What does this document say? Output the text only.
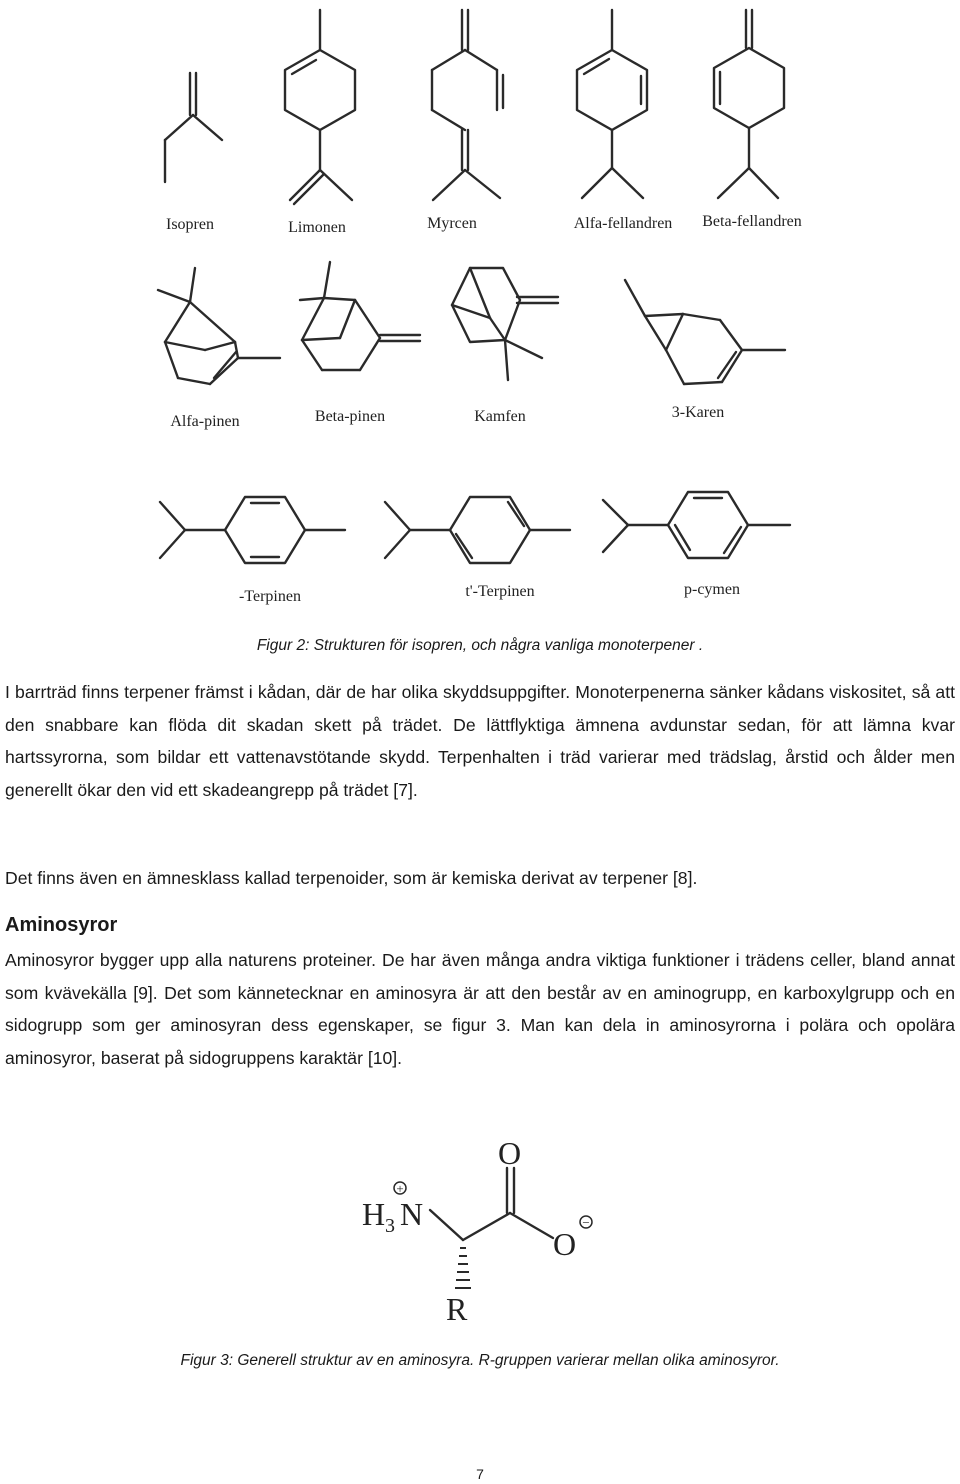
Isopren	Limonen	Myrcen	Alfa-fellandren Beta-fellandren
Alfa-pinen	Beta-pinen	Kamfen	3-Karen
-Terpinen	t'-Terpinen	p-cymen
Figur 2: Strukturen för isopren, och några vanliga monoterpener .

I barrträd finns terpener främst i kådan, där de har olika skyddsuppgifter. Monoterpenerna sänker kådans viskositet, så att den snabbare kan flöda dit skadan skett på trädet. De lättflyktiga ämnena avdunstar sedan, för att lämna kvar hartssyrorna, som bildar ett vattenavstötande skydd. Terpenhalten i träd varierar med trädslag, årstid och ålder men generellt ökar den vid ett skadeangrepp på trädet [7].

Det finns även en ämnesklass kallad terpenoider, som är kemiska derivat av terpener [8].

Aminosyror

Aminosyror bygger upp alla naturens proteiner. De har även många andra viktiga funktioner i trädens celler, bland annat som kvävekälla [9]. Det som kännetecknar en aminosyra är att den består av en aminogrupp, en karboxylgrupp och en sidogrupp som ger aminosyran dess egenskaper, se figur 3. Man kan dela in aminosyrorna i polära och opolära aminosyror, baserat på sidogruppens karaktär [10].

H 3 N
+
O
O
−
R
Figur 3: Generell struktur av en aminosyra. R-gruppen varierar mellan olika aminosyror.
7
